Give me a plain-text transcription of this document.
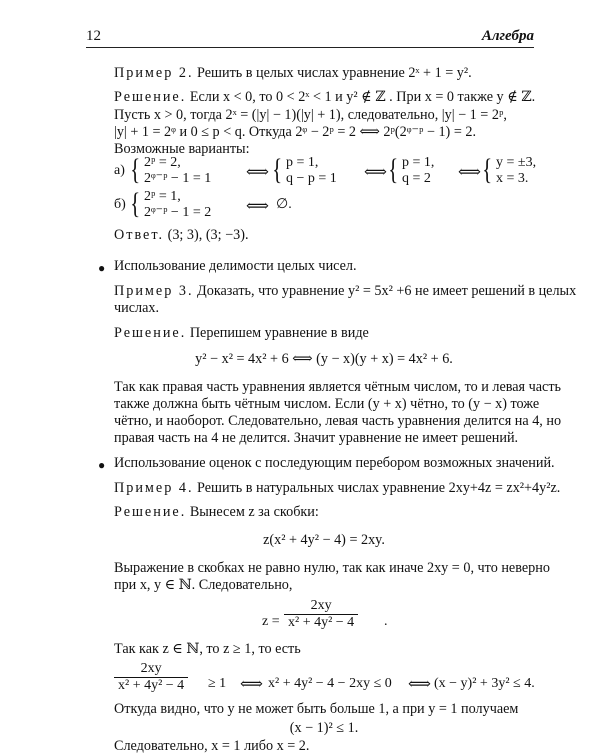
12	Алгебра
Пример 2. Решить в целых числах уравнение 2ˣ + 1 = y².
Решение. Если x < 0, то 0 < 2ˣ < 1 и y² ∉ ℤ . При x = 0 также y ∉ ℤ.
Пусть x > 0, тогда 2ˣ = (|y| − 1)(|y| + 1), следовательно, |y| − 1 = 2ᵖ,
|y| + 1 = 2ᵠ и 0 ≤ p < q. Откуда 2ᵠ − 2ᵖ = 2 ⟺ 2ᵖ(2ᵠ⁻ᵖ − 1) = 2.
Возможные варианты:
а) { 2ᵖ = 2,
2ᵠ⁻ᵖ − 1 = 1 ⟺ { p = 1,
q − p = 1 ⟺ { p = 1,
q = 2 ⟺ { y = ±3,
x = 3.
б) { 2ᵖ = 1,
2ᵠ⁻ᵖ − 1 = 2 ⟺ ∅.
Ответ. (3; 3), (3; −3).
● Использование делимости целых чисел.
Пример 3. Доказать, что уравнение y² = 5x² +6 не имеет решений в целых
числах.
Решение. Перепишем уравнение в виде
y² − x² = 4x² + 6 ⟺ (y − x)(y + x) = 4x² + 6.
Так как правая часть уравнения является чётным числом, то и левая часть
также должна быть чётным числом. Если (y + x) чётно, то (y − x) тоже
чётно, и наоборот. Следовательно, левая часть уравнения делится на 4, но
правая часть на 4 не делится. Значит уравнение не имеет решений.
● Использование оценок с последующим перебором возможных значений.
Пример 4. Решить в натуральных числах уравнение 2xy+4z = zx²+4y²z.
Решение. Вынесем z за скобки:
z(x² + 4y² − 4) = 2xy.
Выражение в скобках не равно нулю, так как иначе 2xy = 0, что неверно
при x, y ∈ ℕ. Следовательно,
$z = \frac{2xy}{\text{x² + 4y² − 4}}$ .
Так как z ∈ ℕ, то z ≥ 1, то есть
$\frac{2xy}{\text{x² + 4y² − 4}} \ge 1$ ⟺ x² + 4y² − 4 − 2xy ≤ 0 ⟺ (x − y)² + 3y² ≤ 4.
Откуда видно, что y не может быть больше 1, а при y = 1 получаем
(x − 1)² ≤ 1.
Следовательно, x = 1 либо x = 2.
